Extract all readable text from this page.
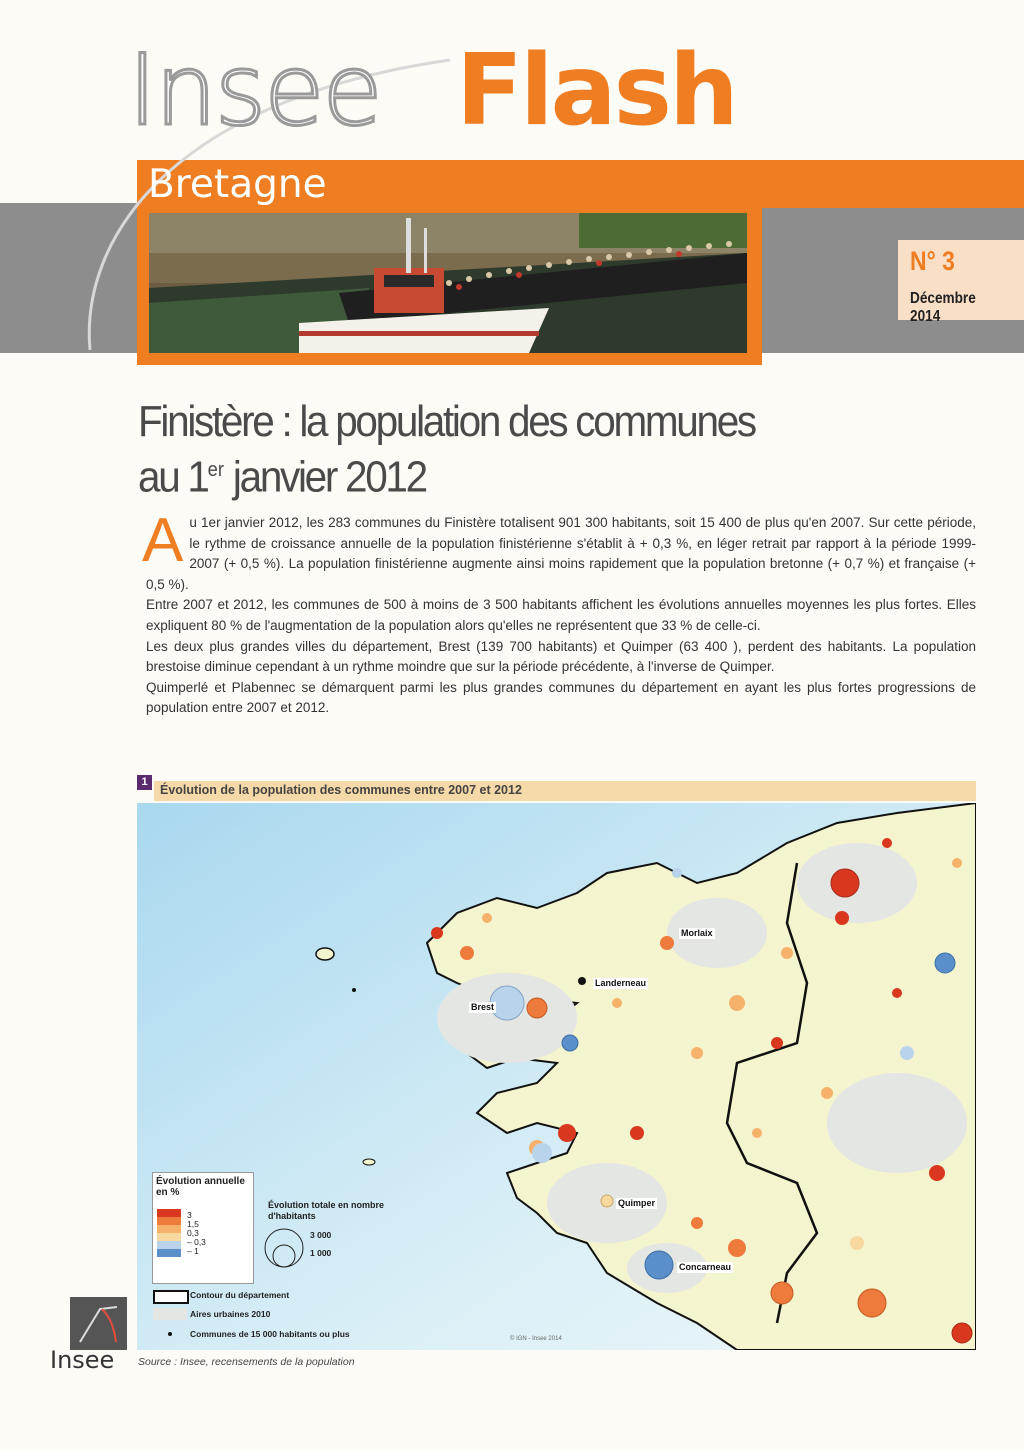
Insee Flash
Bretagne
N° 3
Décembre 2014
Finistère : la population des communes
au 1er janvier 2012

Au 1er janvier 2012, les 283 communes du Finistère totalisent 901 300 habitants, soit 15 400 de plus qu'en 2007. Sur cette période, le rythme de croissance annuelle de la population finistérienne s'établit à + 0,3 %, en léger retrait par rapport à la période 1999-2007 (+ 0,5 %). La population finistérienne augmente ainsi moins rapidement que la population bretonne (+ 0,7 %) et française (+ 0,5 %).

Entre 2007 et 2012, les communes de 500 à moins de 3 500 habitants affichent les évolutions annuelles moyennes les plus fortes. Elles expliquent 80 % de l'augmentation de la population alors qu'elles ne représentent que 33 % de celle-ci.

Les deux plus grandes villes du département, Brest (139 700 habitants) et Quimper (63 400 ), perdent des habitants. La population brestoise diminue cependant à un rythme moindre que sur la période précédente, à l'inverse de Quimper.

Quimperlé et Plabennec se démarquent parmi les plus grandes communes du département en ayant les plus fortes progressions de population entre 2007 et 2012.

1
Évolution de la population des communes entre 2007 et 2012
© IGN - Insee 2014
Morlaix
Landerneau
Brest
Quimper
Concarneau
Évolution annuelle en %
3
1,5
0,3
– 0,3
– 1
Évolution totale en nombre d'habitants
3 000
1 000
Contour du département
Aires urbaines 2010
Communes de 15 000 habitants ou plus
Source : Insee, recensements de la population
Insee
